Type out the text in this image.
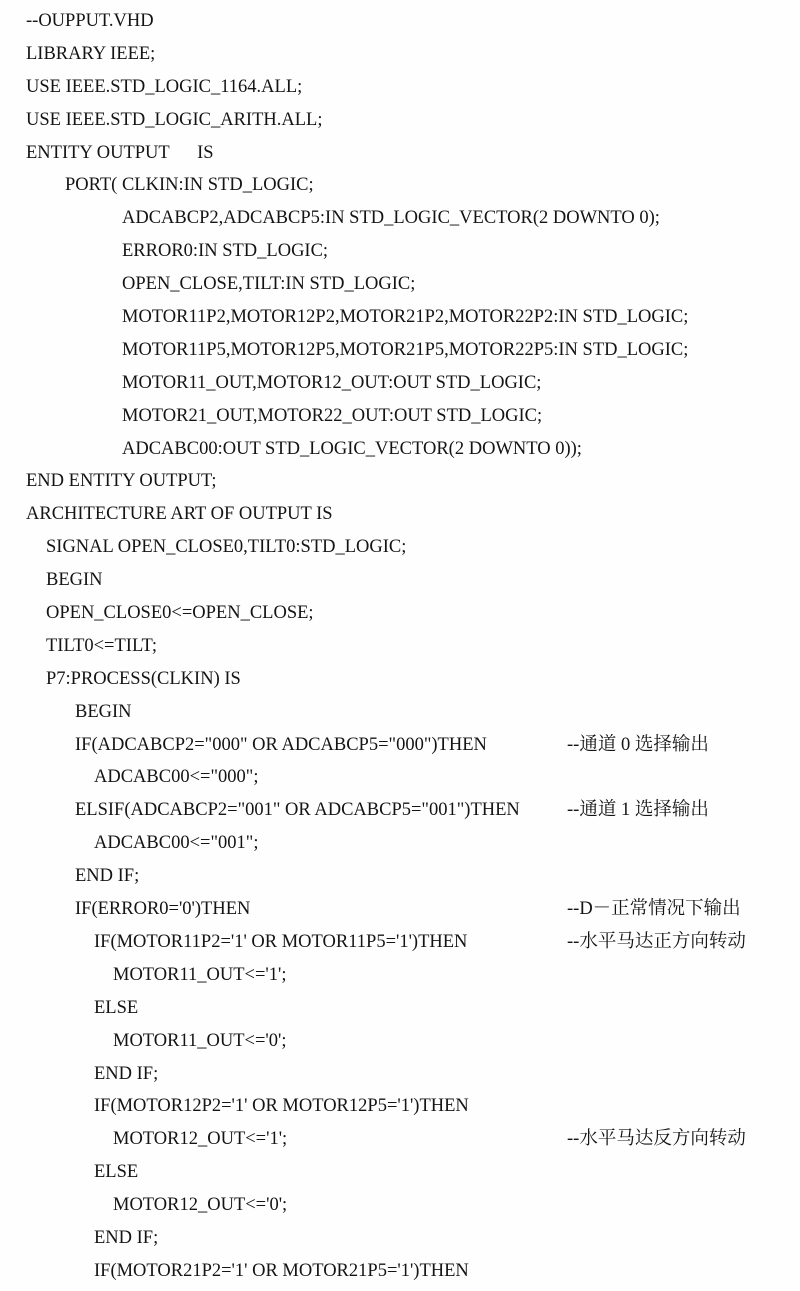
--OUPPUT.VHD
LIBRARY IEEE;
USE IEEE.STD_LOGIC_1164.ALL;
USE IEEE.STD_LOGIC_ARITH.ALL;
ENTITY OUTPUT      IS
PORT( CLKIN:IN STD_LOGIC;
ADCABCP2,ADCABCP5:IN STD_LOGIC_VECTOR(2 DOWNTO 0);
ERROR0:IN STD_LOGIC;
OPEN_CLOSE,TILT:IN STD_LOGIC;
MOTOR11P2,MOTOR12P2,MOTOR21P2,MOTOR22P2:IN STD_LOGIC;
MOTOR11P5,MOTOR12P5,MOTOR21P5,MOTOR22P5:IN STD_LOGIC;
MOTOR11_OUT,MOTOR12_OUT:OUT STD_LOGIC;
MOTOR21_OUT,MOTOR22_OUT:OUT STD_LOGIC;
ADCABC00:OUT STD_LOGIC_VECTOR(2 DOWNTO 0));
END ENTITY OUTPUT;
ARCHITECTURE ART OF OUTPUT IS
SIGNAL OPEN_CLOSE0,TILT0:STD_LOGIC;
BEGIN
OPEN_CLOSE0<=OPEN_CLOSE;
TILT0<=TILT;
P7:PROCESS(CLKIN) IS
BEGIN
IF(ADCABCP2="000" OR ADCABCP5="000")THEN	--通道 0 选择输出
ADCABC00<="000";
ELSIF(ADCABCP2="001" OR ADCABCP5="001")THEN	--通道 1 选择输出
ADCABC00<="001";
END IF;
IF(ERROR0='0')THEN	--D－正常情况下输出
IF(MOTOR11P2='1' OR MOTOR11P5='1')THEN	--水平马达正方向转动
MOTOR11_OUT<='1';
ELSE
MOTOR11_OUT<='0';
END IF;
IF(MOTOR12P2='1' OR MOTOR12P5='1')THEN
MOTOR12_OUT<='1';	--水平马达反方向转动
ELSE
MOTOR12_OUT<='0';
END IF;
IF(MOTOR21P2='1' OR MOTOR21P5='1')THEN
